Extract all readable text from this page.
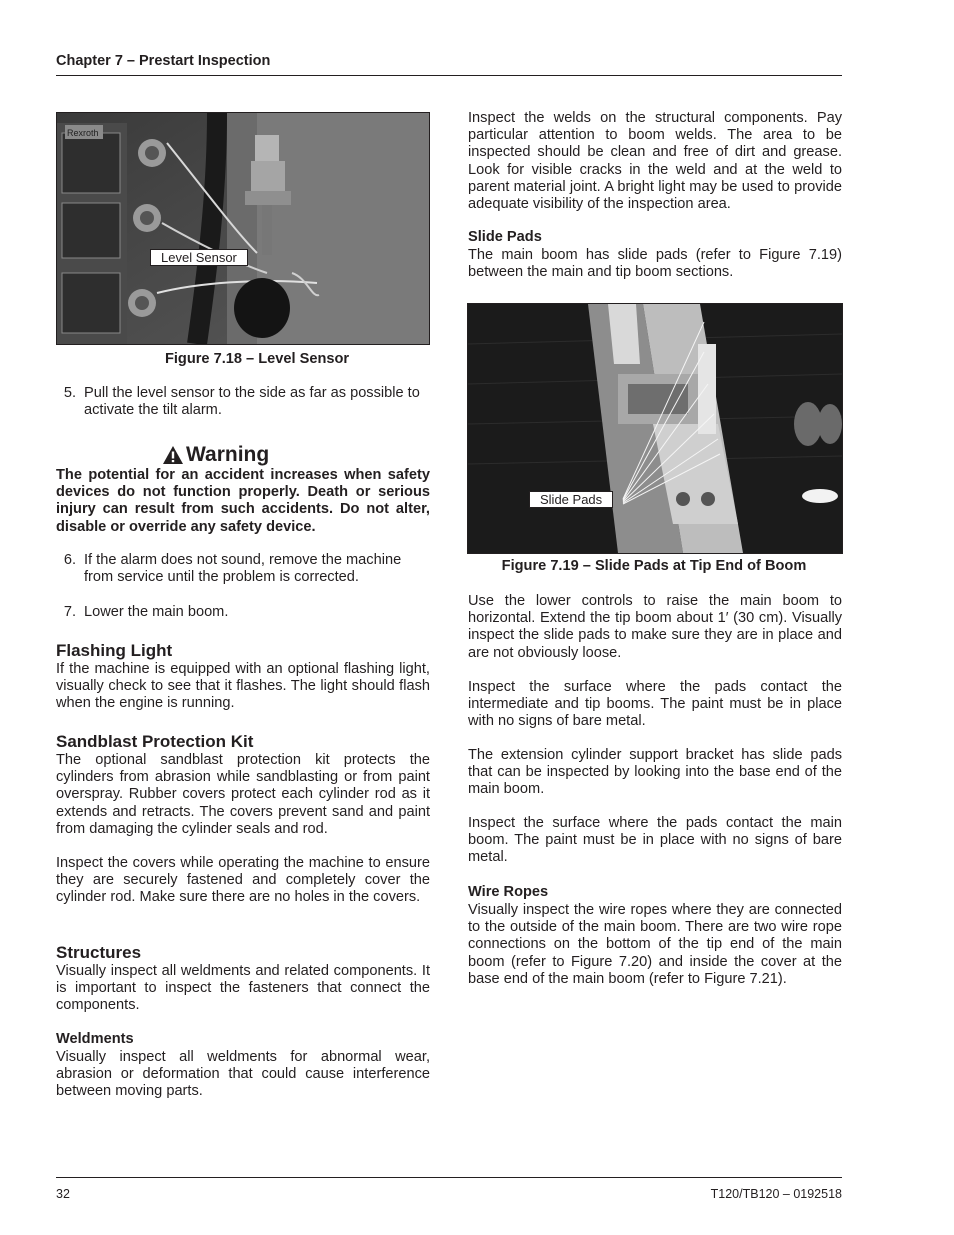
Chapter 7 – Prestart Inspection
Rexroth
Level Sensor
Figure 7.18 – Level Sensor
5. Pull the level sensor to the side as far as possible to activate the tilt alarm.
Warning
The potential for an accident increases when safety devices do not function properly. Death or serious injury can result from such accidents. Do not alter, disable or override any safety device.
6. If the alarm does not sound, remove the machine from service until the problem is corrected.
7. Lower the main boom.
Flashing Light

If the machine is equipped with an optional flashing light, visually check to see that it flashes. The light should flash when the engine is running.

Sandblast Protection Kit

The optional sandblast protection kit protects the cylinders from abrasion while sandblasting or from paint overspray. Rubber covers protect each cylinder rod as it extends and retracts. The covers prevent sand and paint from damaging the cylinder seals and rod.

Inspect the covers while operating the machine to ensure they are securely fastened and completely cover the cylinder rod. Make sure there are no holes in the covers.

Structures

Visually inspect all weldments and related components. It is important to inspect the fasteners that connect the components.

Weldments

Visually inspect all weldments for abnormal wear, abrasion or deformation that could cause interference between moving parts.

Inspect the welds on the structural components. Pay particular attention to boom welds. The area to be inspected should be clean and free of dirt and grease. Look for visible cracks in the weld and at the weld to parent material joint. A bright light may be used to provide adequate visibility of the inspection area.

Slide Pads

The main boom has slide pads (refer to Figure 7.19) between the main and tip boom sections.

Slide Pads
Figure 7.19 – Slide Pads at Tip End of Boom

Use the lower controls to raise the main boom to horizontal. Extend the tip boom about 1′ (30 cm). Visually inspect the slide pads to make sure they are in place and are not obviously loose.

Inspect the surface where the pads contact the intermediate and tip booms. The paint must be in place with no signs of bare metal.

The extension cylinder support bracket has slide pads that can be inspected by looking into the base end of the main boom.

Inspect the surface where the pads contact the main boom. The paint must be in place with no signs of bare metal.

Wire Ropes

Visually inspect the wire ropes where they are connected to the outside of the main boom. There are two wire rope connections on the bottom of the tip end of the main boom (refer to Figure 7.20) and inside the cover at the base end of the main boom (refer to Figure 7.21).

32	T120/TB120 – 0192518
